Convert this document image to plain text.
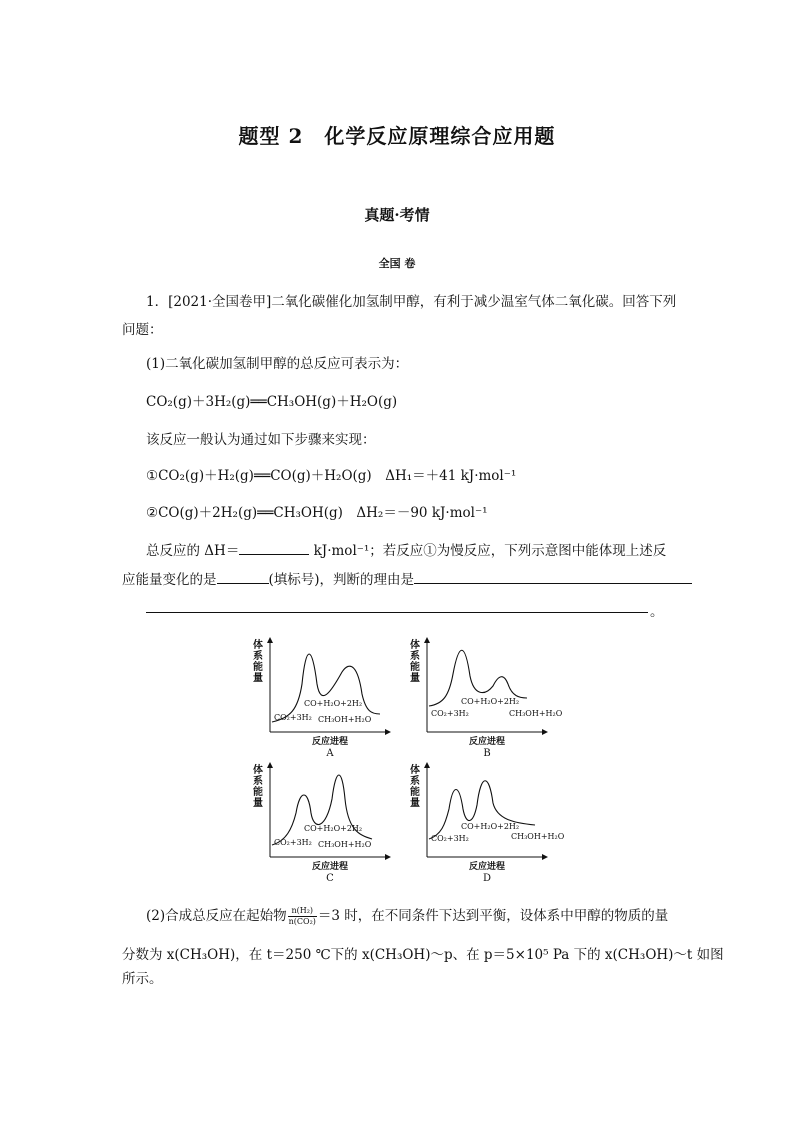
题型 2　化学反应原理综合应用题
真题·考情
全国 卷
1．[2021·全国卷甲]二氧化碳催化加氢制甲醇，有利于减少温室气体二氧化碳。回答下列
问题：
(1)二氧化碳加氢制甲醇的总反应可表示为：
CO₂(g)＋3H₂(g)══CH₃OH(g)＋H₂O(g)
该反应一般认为通过如下步骤来实现：
①CO₂(g)＋H₂(g)══CO(g)＋H₂O(g)　ΔH₁＝＋41 kJ·mol⁻¹
②CO(g)＋2H₂(g)══CH₃OH(g)　ΔH₂＝－90 kJ·mol⁻¹
总反应的 ΔH＝	kJ·mol⁻¹；若反应①为慢反应，下列示意图中能体现上述反
应能量变化的是	(填标号)，判断的理由是
。
体
系
能
量
CO+H₂O+2H₂
CO₂+3H₂ CH₃OH+H₂O
反应进程
A
体
系
能
量
CO+H₂O+2H₂
CO₂+3H₂	CH₃OH+H₂O
反应进程
B
体
系
能
量
CO+H₂O+2H₂
CO₂+3H₂ CH₃OH+H₂O
反应进程
C
体
系
能
量
CO+H₂O+2H₂
CO₂+3H₂	CH₃OH+H₂O
反应进程
D
(2)合成总反应在起始物 $\frac{\text{n(H₂)}}{\text{n(CO₂)}} =3$ 时，在不同条件下达到平衡，设体系中甲醇的物质的量
分数为 x(CH₃OH)，在 t＝250 ℃下的 x(CH₃OH)～p、在 p＝5×10⁵ Pa 下的 x(CH₃OH)～t 如图
所示。
